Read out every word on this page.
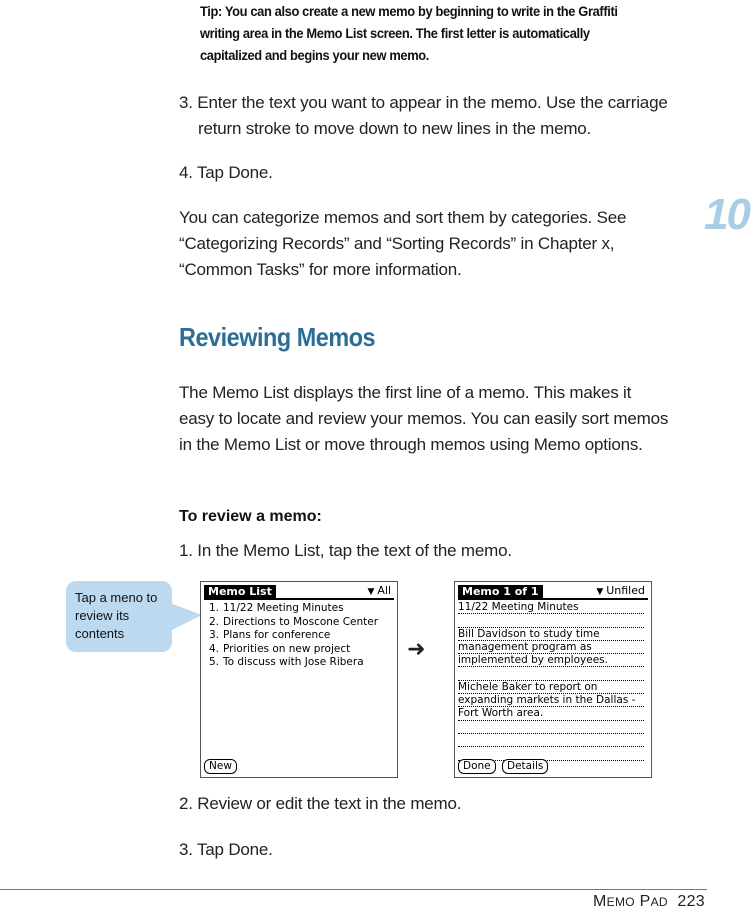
Tip: You can also create a new memo by beginning to write in the Graffiti writing area in the Memo List screen. The first letter is automatically capitalized and begins your new memo.
3. Enter the text you want to appear in the memo. Use the carriage return stroke to move down to new lines in the memo.
4. Tap Done.
You can categorize memos and sort them by categories. See “Categorizing Records” and “Sorting Records” in Chapter x, “Common Tasks” for more information.
10
Reviewing Memos
The Memo List displays the first line of a memo. This makes it easy to locate and review your memos. You can easily sort memos in the Memo List or move through memos using Memo options.
To review a memo:
1. In the Memo List, tap the text of the memo.
Tap a meno to review its contents
Memo List	▼ All
1. 11/22 Meeting Minutes
2. Directions to Moscone Center
3. Plans for conference
4. Priorities on new project
5. To discuss with Jose Ribera
New
➜
Memo 1 of 1	▼ Unfiled
11/22 Meeting Minutes
Bill Davidson to study time
management program as
implemented by employees.
Michele Baker to report on
expanding markets in the Dallas -
Fort Worth area.
Done	Details
2. Review or edit the text in the memo.
3. Tap Done.
MEMO PAD 223
